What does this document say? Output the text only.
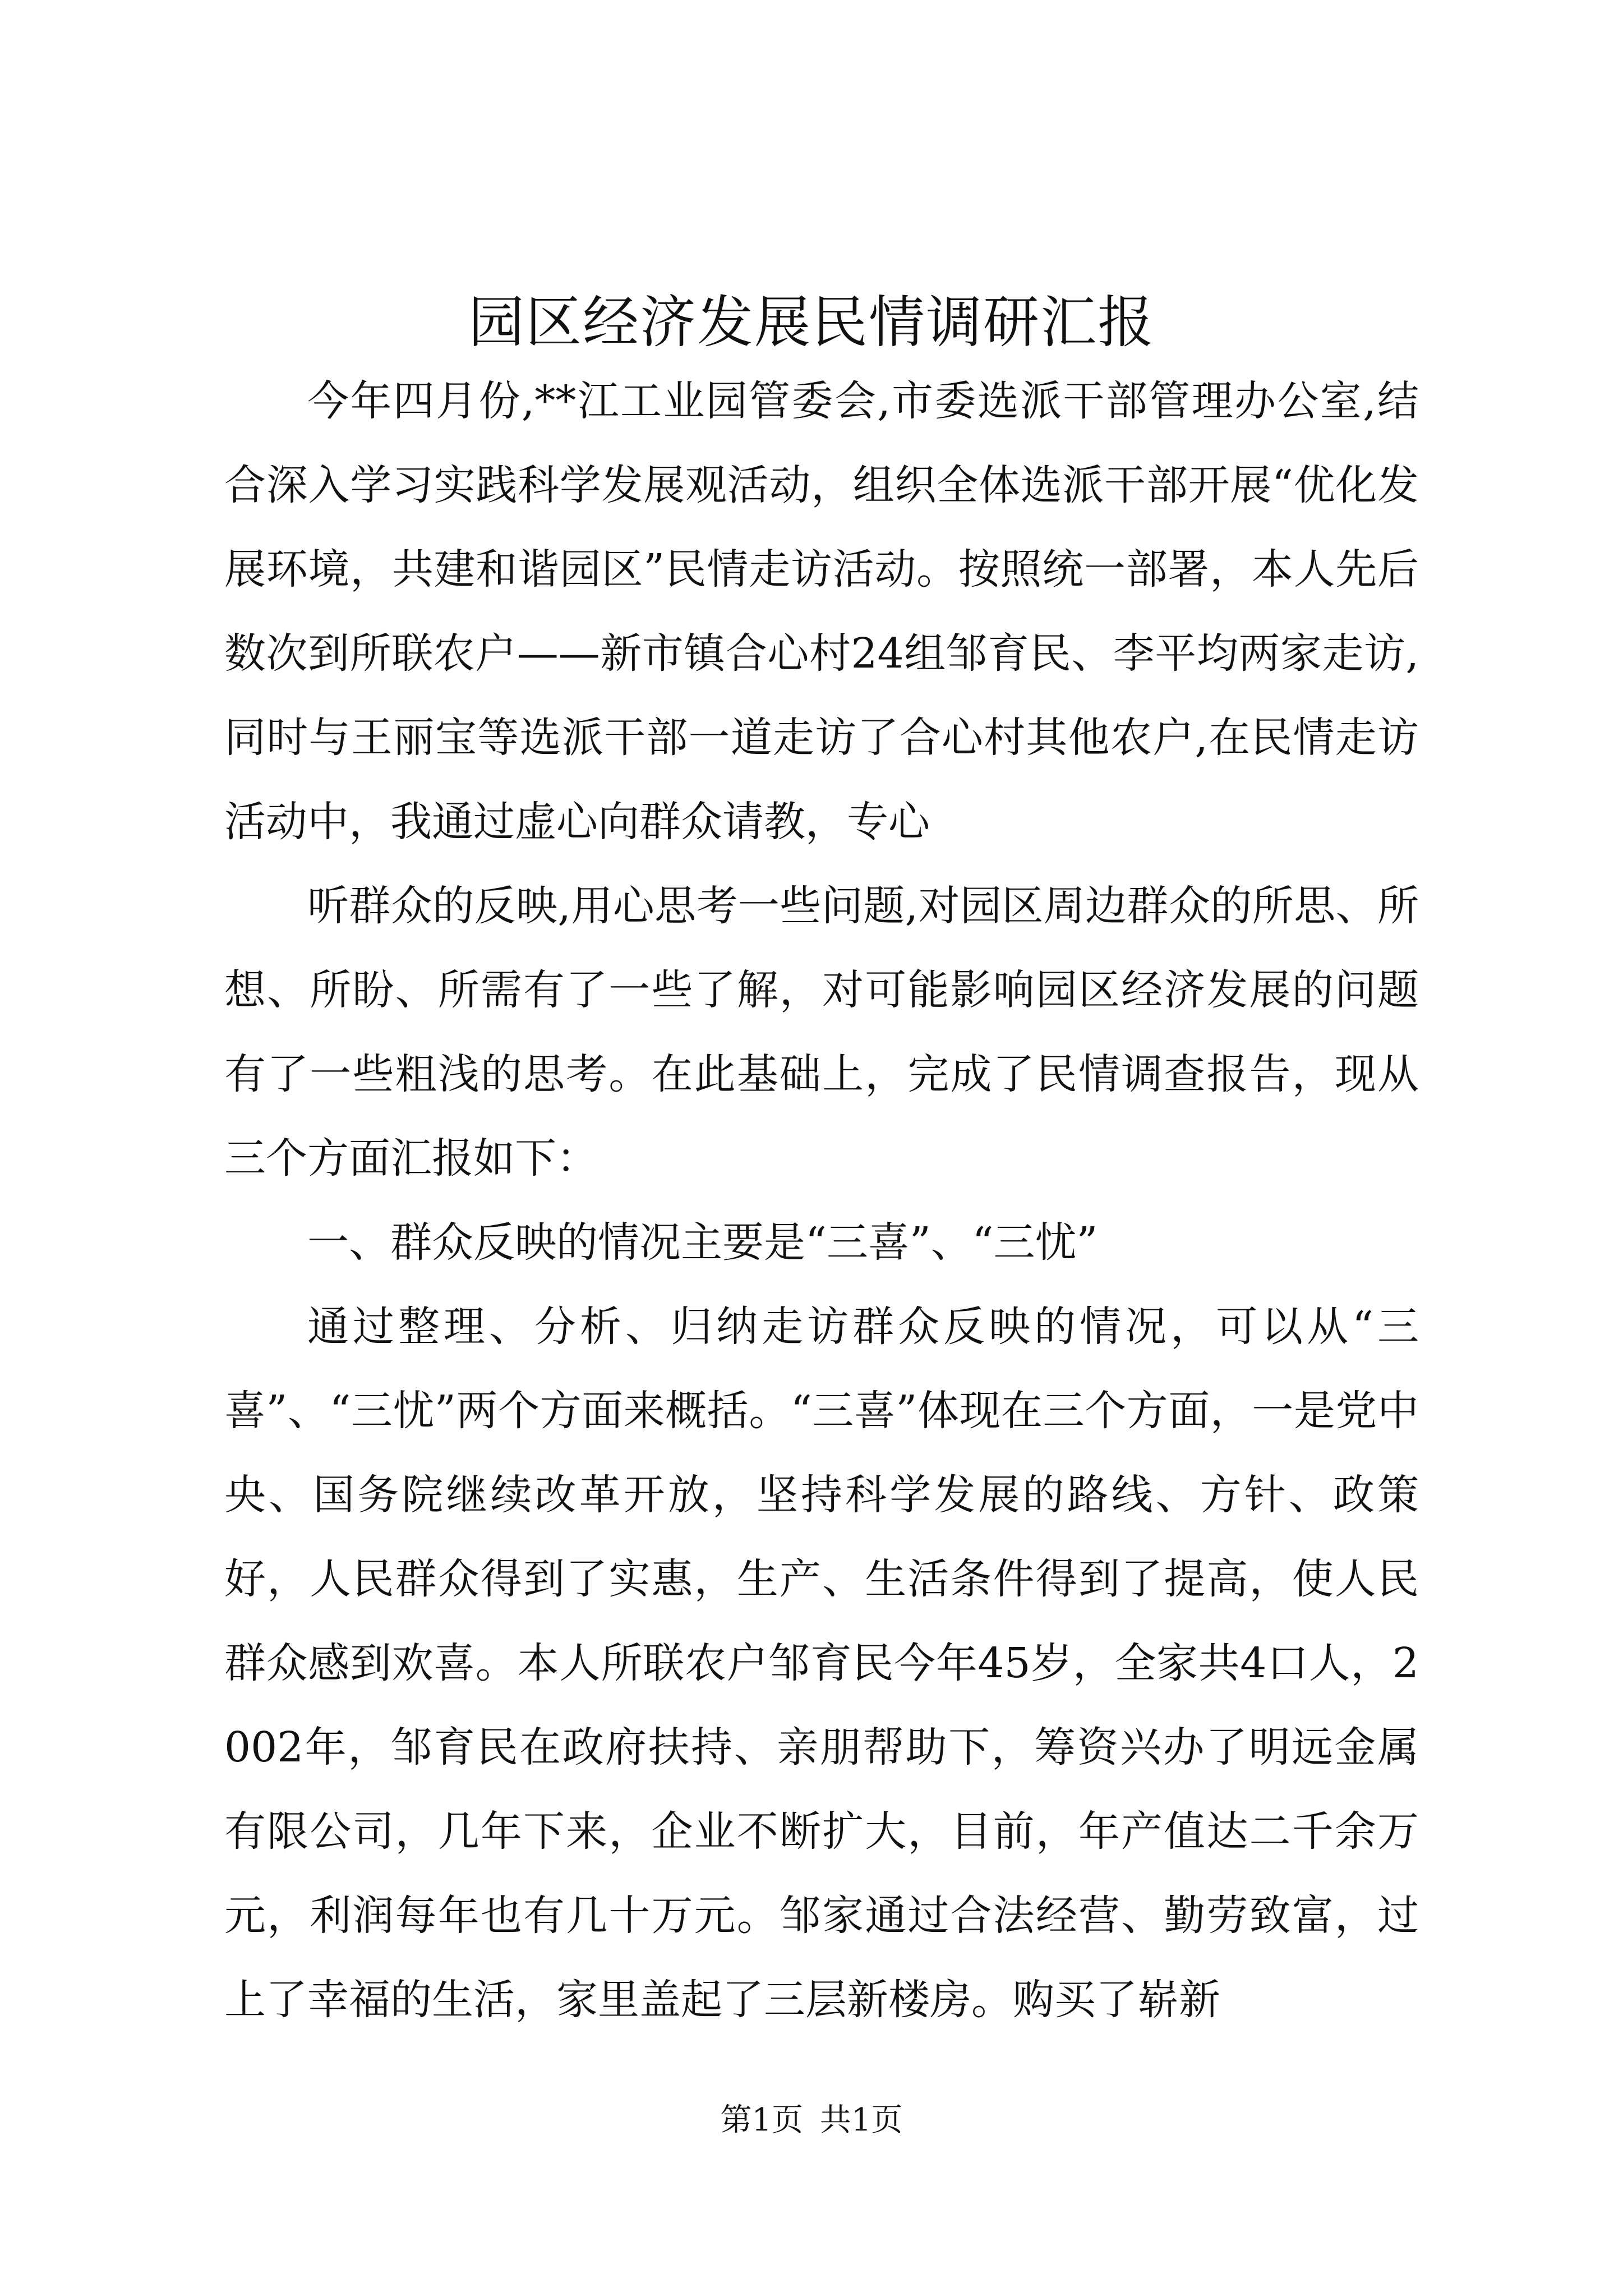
园区经济发展民情调研汇报

今年四月份,**江工业园管委会,市委选派干部管理办公室,结合深入学习实践科学发展观活动，组织全体选派干部开展“优化发展环境，共建和谐园区”民情走访活动。按照统一部署，本人先后数次到所联农户——新市镇合心村24组邹育民、李平均两家走访,同时与王丽宝等选派干部一道走访了合心村其他农户,在民情走访活动中，我通过虚心向群众请教，专心

听群众的反映,用心思考一些问题,对园区周边群众的所思、所想、所盼、所需有了一些了解，对可能影响园区经济发展的问题有了一些粗浅的思考。在此基础上，完成了民情调查报告，现从三个方面汇报如下：

一、群众反映的情况主要是“三喜”、“三忧”

通过整理、分析、归纳走访群众反映的情况，可以从“三喜”、“三忧”两个方面来概括。“三喜”体现在三个方面，一是党中央、国务院继续改革开放，坚持科学发展的路线、方针、政策好，人民群众得到了实惠，生产、生活条件得到了提高，使人民群众感到欢喜。本人所联农户邹育民今年45岁，全家共4口人，2002年，邹育民在政府扶持、亲朋帮助下，筹资兴办了明远金属有限公司，几年下来，企业不断扩大，目前，年产值达二千余万元，利润每年也有几十万元。邹家通过合法经营、勤劳致富，过上了幸福的生活，家里盖起了三层新楼房。购买了崭新

第1页 共1页
